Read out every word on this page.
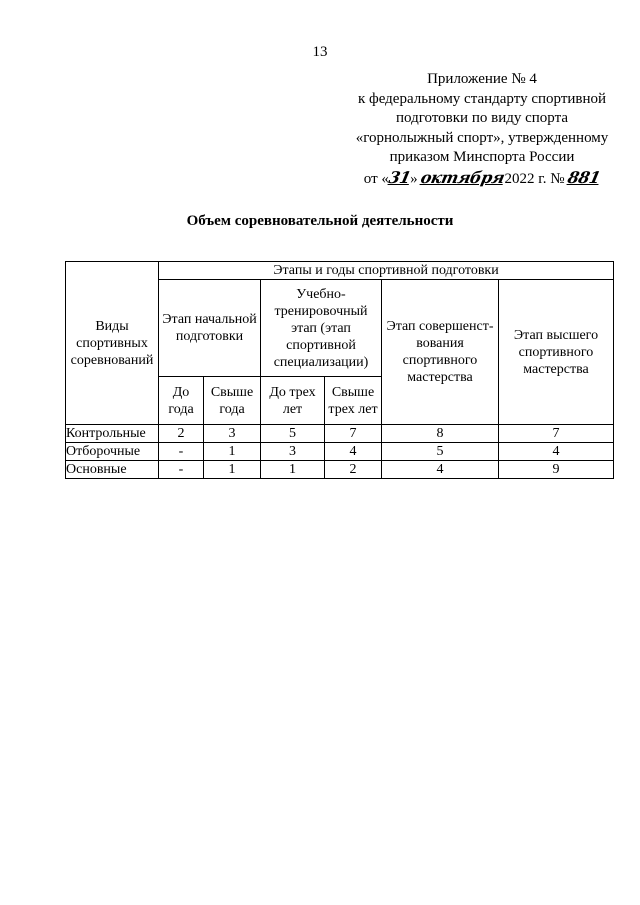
13
Приложение № 4
к федеральному стандарту спортивной
подготовки по виду спорта
«горнолыжный спорт», утвержденному
приказом Минспорта России
от «31» октября2022 г. № 881
Объем соревновательной деятельности
Виды спортивных соревнований	Этапы и годы спортивной подготовки					
	Этап начальной подготовки		Учебно-тренировочный этап (этап спортивной специализации)		Этап совершенст-вования спортивного мастерства	Этап высшего спортивного мастерства
	До года	Свыше года	До трех лет	Свыше трех лет		
Контрольные	2	3	5	7	8	7
Отборочные	-	1	3	4	5	4
Основные	-	1	1	2	4	9
